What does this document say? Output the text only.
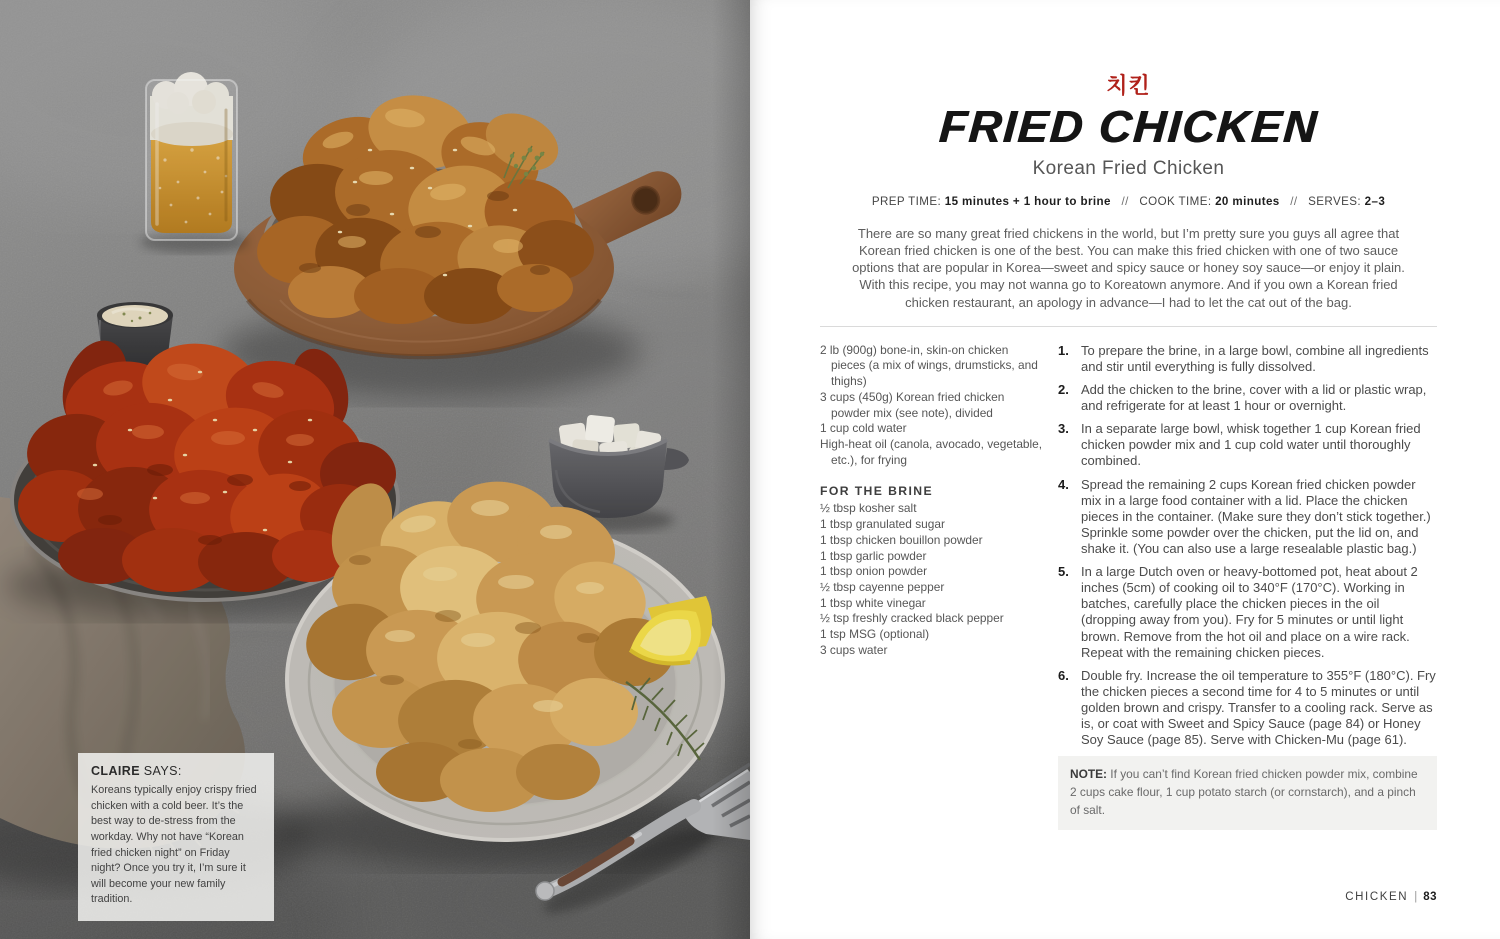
CLAIRE SAYS:
Koreans typically enjoy crispy fried chicken with a cold beer. It’s the best way to de-stress from the workday. Why not have “Korean fried chicken night” on Friday night? Once you try it, I’m sure it will become your new family tradition.
치킨
FRIED CHICKEN
Korean Fried Chicken
PREP TIME: 15 minutes + 1 hour to brine // COOK TIME: 20 minutes // SERVES: 2–3

There are so many great fried chickens in the world, but I’m pretty sure you guys all agree that Korean fried chicken is one of the best. You can make this fried chicken with one of two sauce options that are popular in Korea—sweet and spicy sauce or honey soy sauce—or enjoy it plain. With this recipe, you may not wanna go to Koreatown anymore. And if you own a Korean fried chicken restaurant, an apology in advance—I had to let the cat out of the bag.

2 lb (900g) bone-in, skin-on chicken pieces (a mix of wings, drumsticks, and thighs)
3 cups (450g) Korean fried chicken powder mix (see note), divided
1 cup cold water
High-heat oil (canola, avocado, vegetable, etc.), for frying
FOR THE BRINE
½ tbsp kosher salt
1 tbsp granulated sugar
1 tbsp chicken bouillon powder
1 tbsp garlic powder
1 tbsp onion powder
½ tbsp cayenne pepper
1 tbsp white vinegar
½ tsp freshly cracked black pepper
1 tsp MSG (optional)
3 cups water
1. To prepare the brine, in a large bowl, combine all ingredients and stir until everything is fully dissolved.
2. Add the chicken to the brine, cover with a lid or plastic wrap, and refrigerate for at least 1 hour or overnight.
3. In a separate large bowl, whisk together 1 cup Korean fried chicken powder mix and 1 cup cold water until thoroughly combined.
4. Spread the remaining 2 cups Korean fried chicken powder mix in a large food container with a lid. Place the chicken pieces in the container. (Make sure they don’t stick together.) Sprinkle some powder over the chicken, put the lid on, and shake it. (You can also use a large resealable plastic bag.)
5. In a large Dutch oven or heavy-bottomed pot, heat about 2 inches (5cm) of cooking oil to 340°F (170°C). Working in batches, carefully place the chicken pieces in the oil (dropping away from you). Fry for 5 minutes or until light brown. Remove from the hot oil and place on a wire rack. Repeat with the remaining chicken pieces.
6. Double fry. Increase the oil temperature to 355°F (180°C). Fry the chicken pieces a second time for 4 to 5 minutes or until golden brown and crispy. Transfer to a cooling rack. Serve as is, or coat with Sweet and Spicy Sauce (page 84) or Honey Soy Sauce (page 85). Serve with Chicken-Mu (page 61).
NOTE: If you can’t find Korean fried chicken powder mix, combine 2 cups cake flour, 1 cup potato starch (or cornstarch), and a pinch of salt.
CHICKEN | 83
